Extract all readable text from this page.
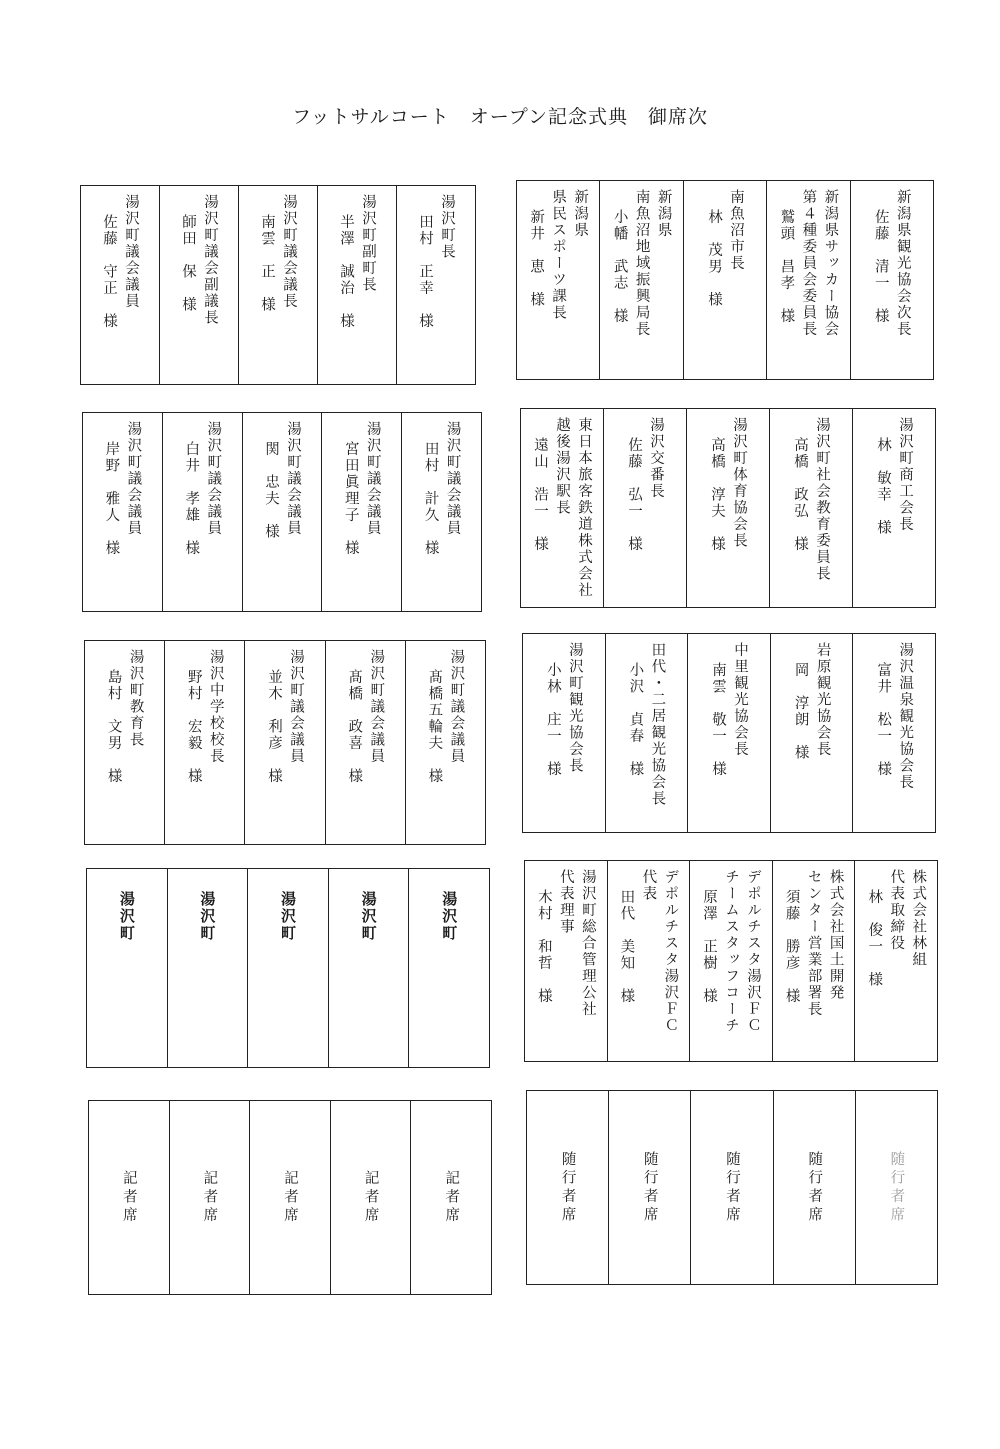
フットサルコート　オープン記念式典　御席次
湯沢町長
田村　正幸　様
湯沢町副町長
半澤　誠治　様
湯沢町議会議長
南雲　正　様
湯沢町議会副議長
師田　保　様
湯沢町議会議員
佐藤　守正　様	新潟県観光協会次長
佐藤　清一　様
新潟県サッカー協会
第４種委員会委員長
鷲頭　昌孝　様
南魚沼市長
林　茂男　様
新潟県
南魚沼地域振興局長
小幡　武志　様
新潟県
県民スポーツ課長
新井　恵　様
湯沢町議会議員
田村　計久　様
湯沢町議会議員
宮田眞理子　様
湯沢町議会議員
関　忠夫　様
湯沢町議会議員
白井　孝雄　様
湯沢町議会議員
岸野　雅人　様	湯沢町商工会長
林　敏幸　様
湯沢町社会教育委員長
高橋　政弘　様
湯沢町体育協会長
高橋　淳夫　様
湯沢交番長
佐藤　弘一　様
東日本旅客鉄道株式会社
越後湯沢駅長
遠山　浩一　様
湯沢町議会議員
髙橋五輪夫　様
湯沢町議会議員
髙橋　政喜　様
湯沢町議会議員
並木　利彦　様
湯沢中学校校長
野村　宏毅　様
湯沢町教育長
島村　文男　様	湯沢温泉観光協会長
富井　松一　様
岩原観光協会長
岡　淳朗　様
中里観光協会長
南雲　敬一　様
田代・二居観光協会長
小沢　貞春　様
湯沢町観光協会長
小林　庄一　様
湯沢町
湯沢町
湯沢町
湯沢町
湯沢町	株式会社林組
代表取締役
林　俊一　様
株式会社国土開発
センター営業部署長
須藤　勝彦　様
デポルチスタ湯沢ＦＣ
チームスタッフコーチ
原澤　正樹　様
デポルチスタ湯沢ＦＣ
代表
田代　美知　様
湯沢町総合管理公社
代表理事
木村　和哲　様
記者席
記者席
記者席
記者席
記者席	随行者席
随行者席
随行者席
随行者席
随行者席
